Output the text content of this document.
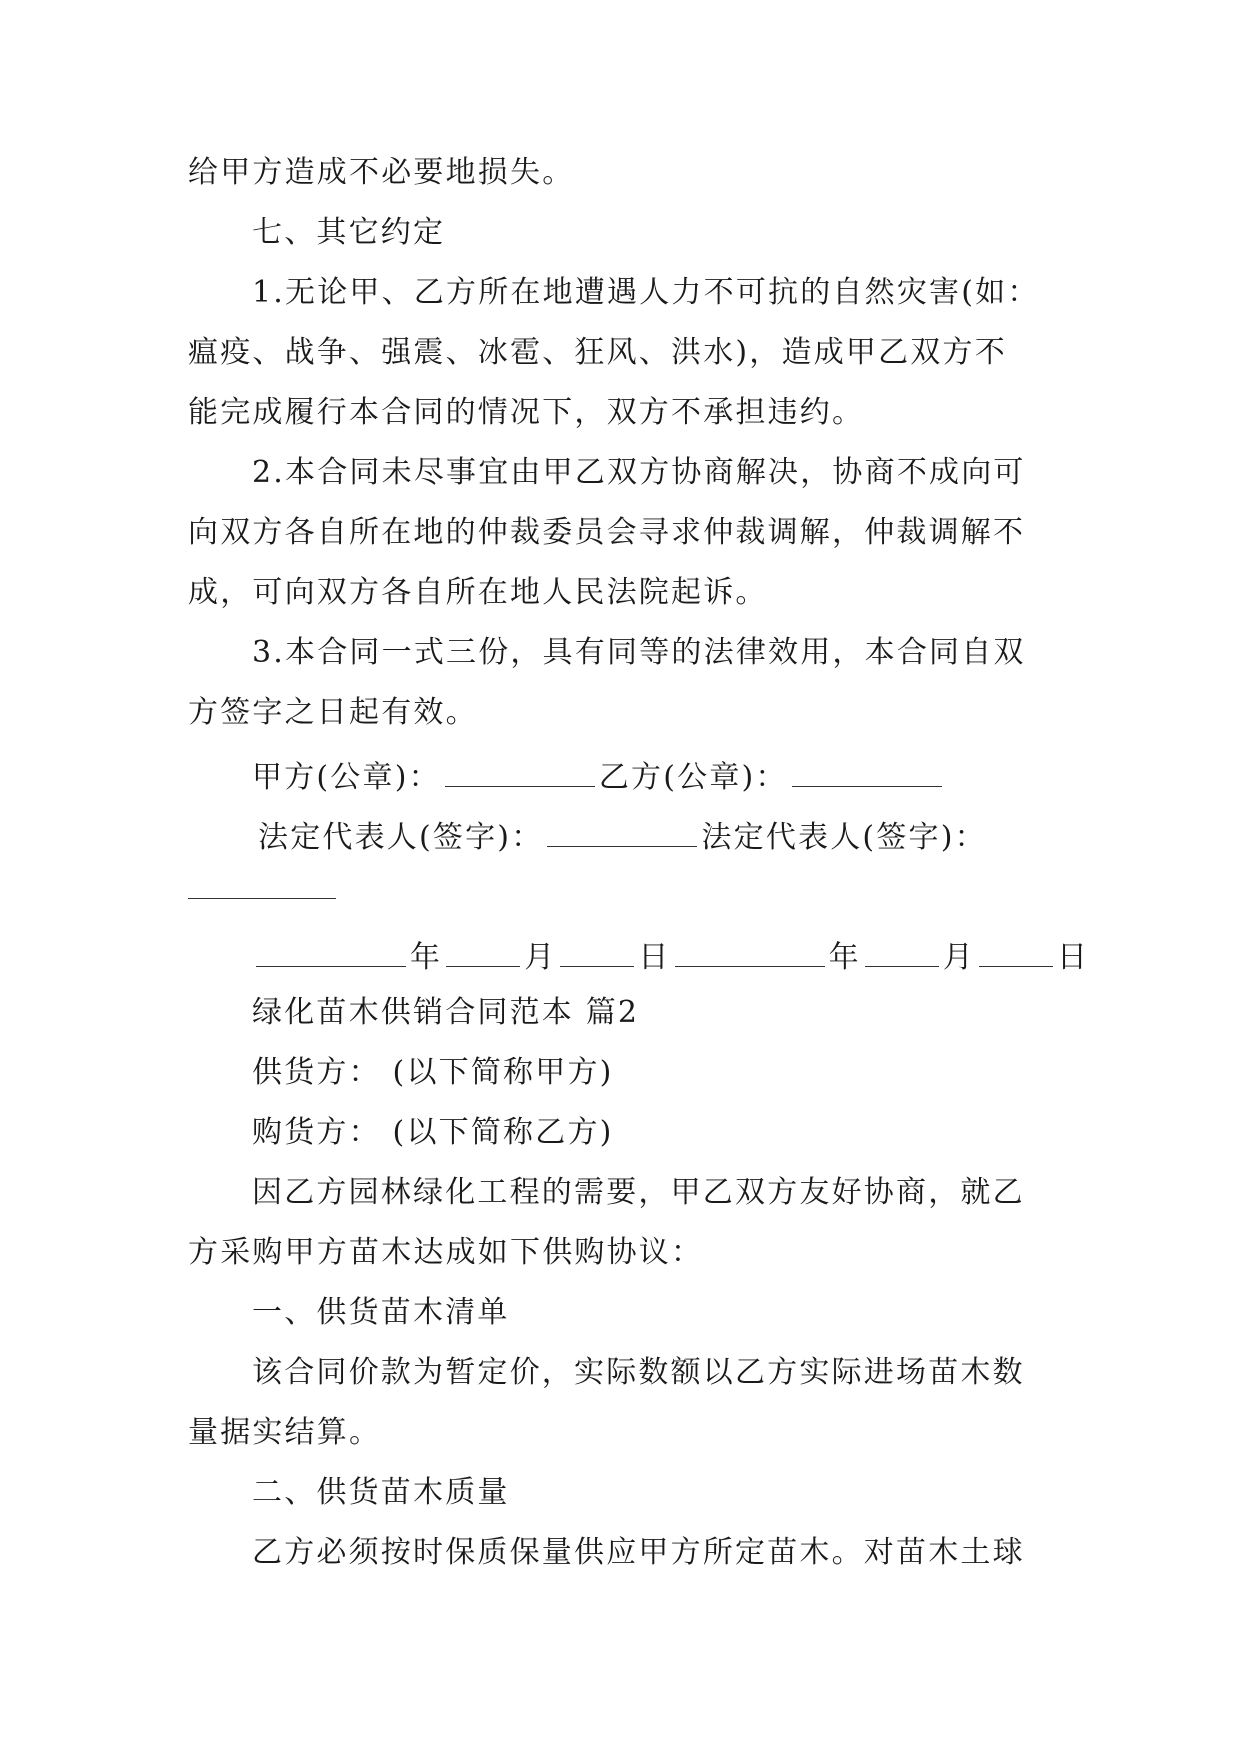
给甲方造成不必要地损失。
七、其它约定
1.无论甲、乙方所在地遭遇人力不可抗的自然灾害(如：
瘟疫、战争、强震、冰雹、狂风、洪水)，造成甲乙双方不
能完成履行本合同的情况下，双方不承担违约。
2.本合同未尽事宜由甲乙双方协商解决，协商不成向可
向双方各自所在地的仲裁委员会寻求仲裁调解，仲裁调解不
成，可向双方各自所在地人民法院起诉。
3.本合同一式三份，具有同等的法律效用，本合同自双
方签字之日起有效。
甲方(公章)：	乙方(公章)：
法定代表人(签字)：	法定代表人(签字)：
年	月	日	年	月	日
绿化苗木供销合同范本 篇2
供货方： (以下简称甲方)
购货方： (以下简称乙方)
因乙方园林绿化工程的需要，甲乙双方友好协商，就乙
方采购甲方苗木达成如下供购协议：
一、供货苗木清单
该合同价款为暂定价，实际数额以乙方实际进场苗木数
量据实结算。
二、供货苗木质量
乙方必须按时保质保量供应甲方所定苗木。对苗木土球
